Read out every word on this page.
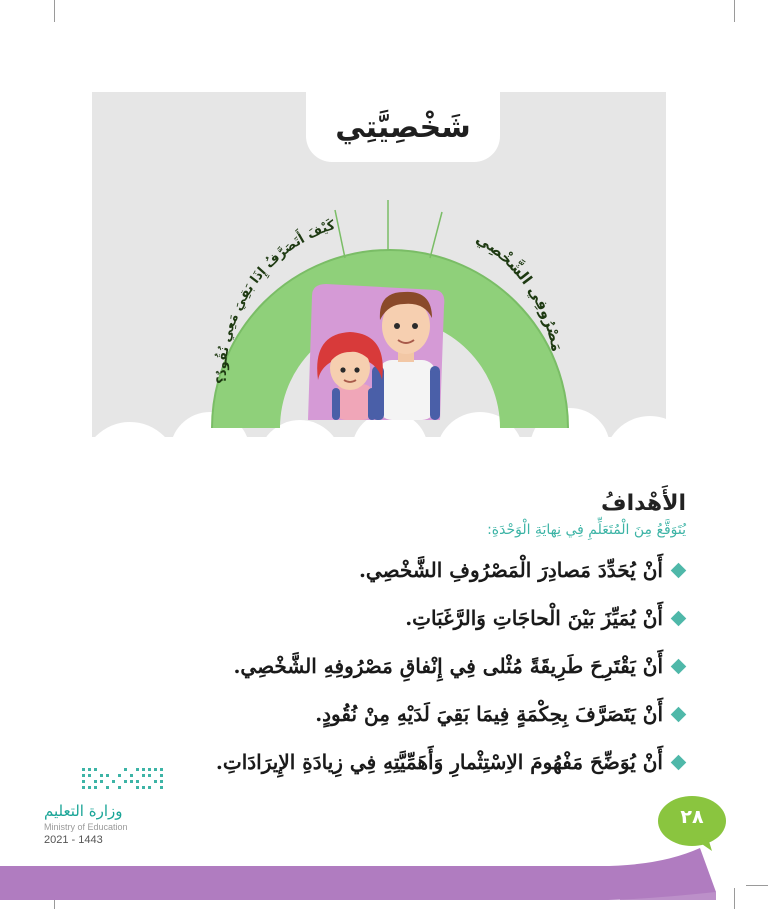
شَخْصِيَّتِي
مَصْرُوفِي الشَّخْصِي
كَيْفَ أَتَصَرَّفُ إِذَا بَقِيَ مَعِي نُقُودٌ؟
الأَهْدافُ
يُتَوَقَّعُ مِنَ الْمُتَعَلِّمِ فِي نِهايَةِ الْوَحْدَةِ:
أَنْ يُحَدِّدَ مَصادِرَ الْمَصْرُوفِ الشَّخْصِي.
أَنْ يُمَيِّزَ بَيْنَ الْحاجَاتِ وَالرَّغَبَاتِ.
أَنْ يَقْتَرِحَ طَرِيقَةً مُثْلى فِي إِنْفاقِ مَصْرُوفِهِ الشَّخْصِي.
أَنْ يَتَصَرَّفَ بِحِكْمَةٍ فِيمَا بَقِيَ لَدَيْهِ مِنْ نُقُودٍ.
أَنْ يُوَضِّحَ مَفْهُومَ الاِسْتِثْمارِ وَأَهَمِّيَّتِهِ فِي زِيادَةِ الإِيرَادَاتِ.
وزارة التعليم
Ministry of Education
2021 - 1443
٢٨
